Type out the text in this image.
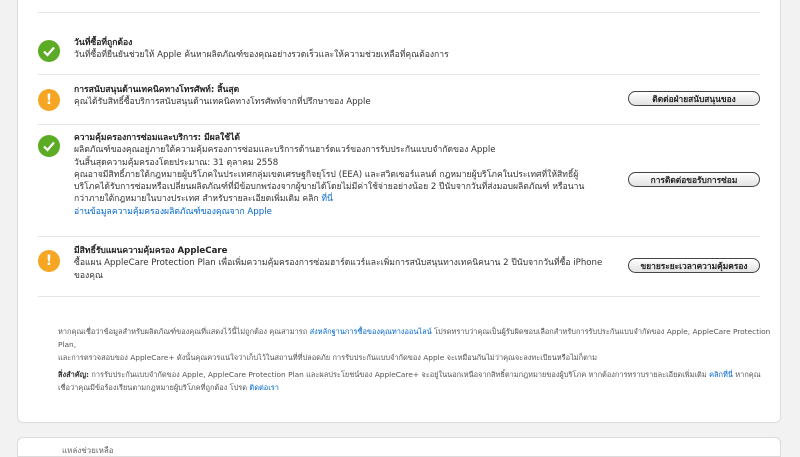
วันที่ซื้อที่ถูกต้อง
วันที่ซื้อที่ยืนยันช่วยให้ Apple ค้นหาผลิตภัณฑ์ของคุณอย่างรวดเร็วและให้ความช่วยเหลือที่คุณต้องการ
!
การสนับสนุนด้านเทคนิคทางโทรศัพท์: สิ้นสุด
คุณได้รับสิทธิ์ซื้อบริการสนับสนุนด้านเทคนิคทางโทรศัพท์จากที่ปรึกษาของ Apple	ติดต่อฝ่ายสนับสนุนของ
ความคุ้มครองการซ่อมและบริการ: มีผลใช้ได้
ผลิตภัณฑ์ของคุณอยู่ภายใต้ความคุ้มครองการซ่อมและบริการด้านฮาร์ดแวร์ของการรับประกันแบบจำกัดของ Apple
วันสิ้นสุดความคุ้มครองโดยประมาณ: 31 ตุลาคม 2558
คุณอาจมีสิทธิ์ภายใต้กฎหมายผู้บริโภคในประเทศกลุ่มเขตเศรษฐกิจยุโรป (EEA) และสวิตเซอร์แลนด์ กฎหมายผู้บริโภคในประเทศที่ให้สิทธิ์ผู้
บริโภคได้รับการซ่อมหรือเปลี่ยนผลิตภัณฑ์ที่มีข้อบกพร่องจากผู้ขายได้โดยไม่มีค่าใช้จ่ายอย่างน้อย 2 ปีนับจากวันที่ส่งมอบผลิตภัณฑ์ หรือนาน
กว่าภายใต้กฎหมายในบางประเทศ สำหรับรายละเอียดเพิ่มเติม คลิก ที่นี่
อ่านข้อมูลความคุ้มครองผลิตภัณฑ์ของคุณจาก Apple
การติดต่อขอรับการซ่อม
!
มีสิทธิ์รับแผนความคุ้มครอง AppleCare
ซื้อแผน AppleCare Protection Plan เพื่อเพิ่มความคุ้มครองการซ่อมฮาร์ดแวร์และเพิ่มการสนับสนุนทางเทคนิคนาน 2 ปีนับจากวันที่ซื้อ iPhone
ของคุณ
ขยายระยะเวลาความคุ้มครอง
หากคุณเชื่อว่าข้อมูลสำหรับผลิตภัณฑ์ของคุณที่แสดงไว้นี้ไม่ถูกต้อง คุณสามารถ ส่งหลักฐานการซื้อของคุณทางออนไลน์ โปรดทราบว่าคุณเป็นผู้รับผิดชอบเลือกสำหรับการรับประกันแบบจำกัดของ Apple, AppleCare Protection Plan,
และการตรวจสอบของ AppleCare+ ดังนั้นคุณควรแน่ใจว่าเก็บไว้ในสถานที่ที่ปลอดภัย การรับประกันแบบจำกัดของ Apple จะเหมือนกันไม่ว่าคุณจะลงทะเบียนหรือไม่ก็ตาม
สิ่งสำคัญ: การรับประกันแบบจำกัดของ Apple, AppleCare Protection Plan และผลประโยชน์ของ AppleCare+ จะอยู่ในนอกเหนือจากสิทธิ์ตามกฎหมายของผู้บริโภค หากต้องการทราบรายละเอียดเพิ่มเติม คลิกที่นี่ หากคุณ
เชื่อว่าคุณมีข้อร้องเรียนตามกฎหมายผู้บริโภคที่ถูกต้อง โปรด ติดต่อเรา
แหล่งช่วยเหลือ
